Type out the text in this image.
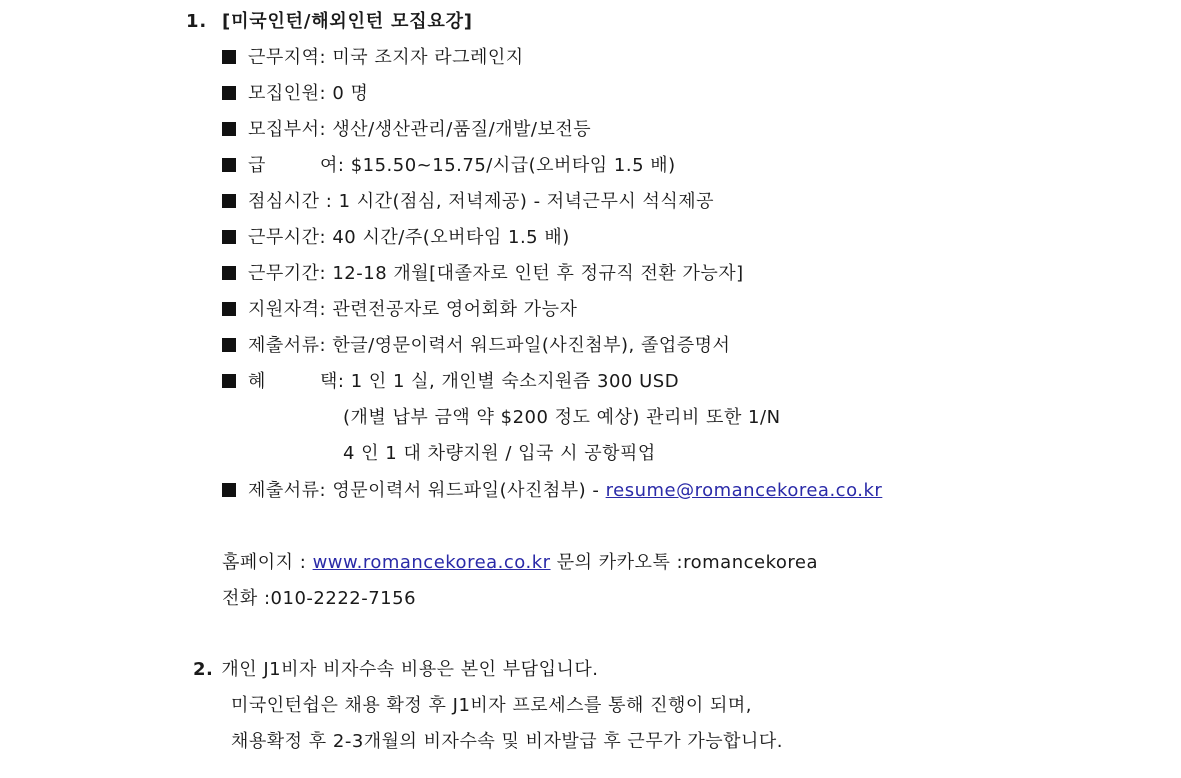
1. [미국인턴/해외인턴 모집요강]
근무지역: 미국 조지자 라그레인지
모집인원: 0 명
모집부서: 생산/생산관리/품질/개발/보전등
급	여: $15.50~15.75/시급(오버타임 1.5 배)
점심시간 : 1 시간(점심, 저녁제공) - 저녁근무시 석식제공
근무시간: 40 시간/주(오버타임 1.5 배)
근무기간: 12-18 개월[대졸자로 인턴 후 정규직 전환 가능자]
지원자격: 관련전공자로 영어회화 가능자
제출서류: 한글/영문이력서 워드파일(사진첨부), 졸업증명서
혜	택: 1 인 1 실, 개인별 숙소지원즘 300 USD
(개별 납부 금액 약 $200 정도 예상) 관리비 또한 1/N
4 인 1 대 차량지원 / 입국 시 공항픽업
제출서류: 영문이력서 워드파일(사진첨부) - resume@romancekorea.co.kr
홈페이지 : www.romancekorea.co.kr 문의 카카오톡 :romancekorea
전화 :010-2222-7156
2. 개인 J1비자 비자수속 비용은 본인 부담입니다.
미국인턴쉽은 채용 확정 후 J1비자 프로세스를 통해 진행이 되며,
채용확정 후 2-3개월의 비자수속 및 비자발급 후 근무가 가능합니다.
